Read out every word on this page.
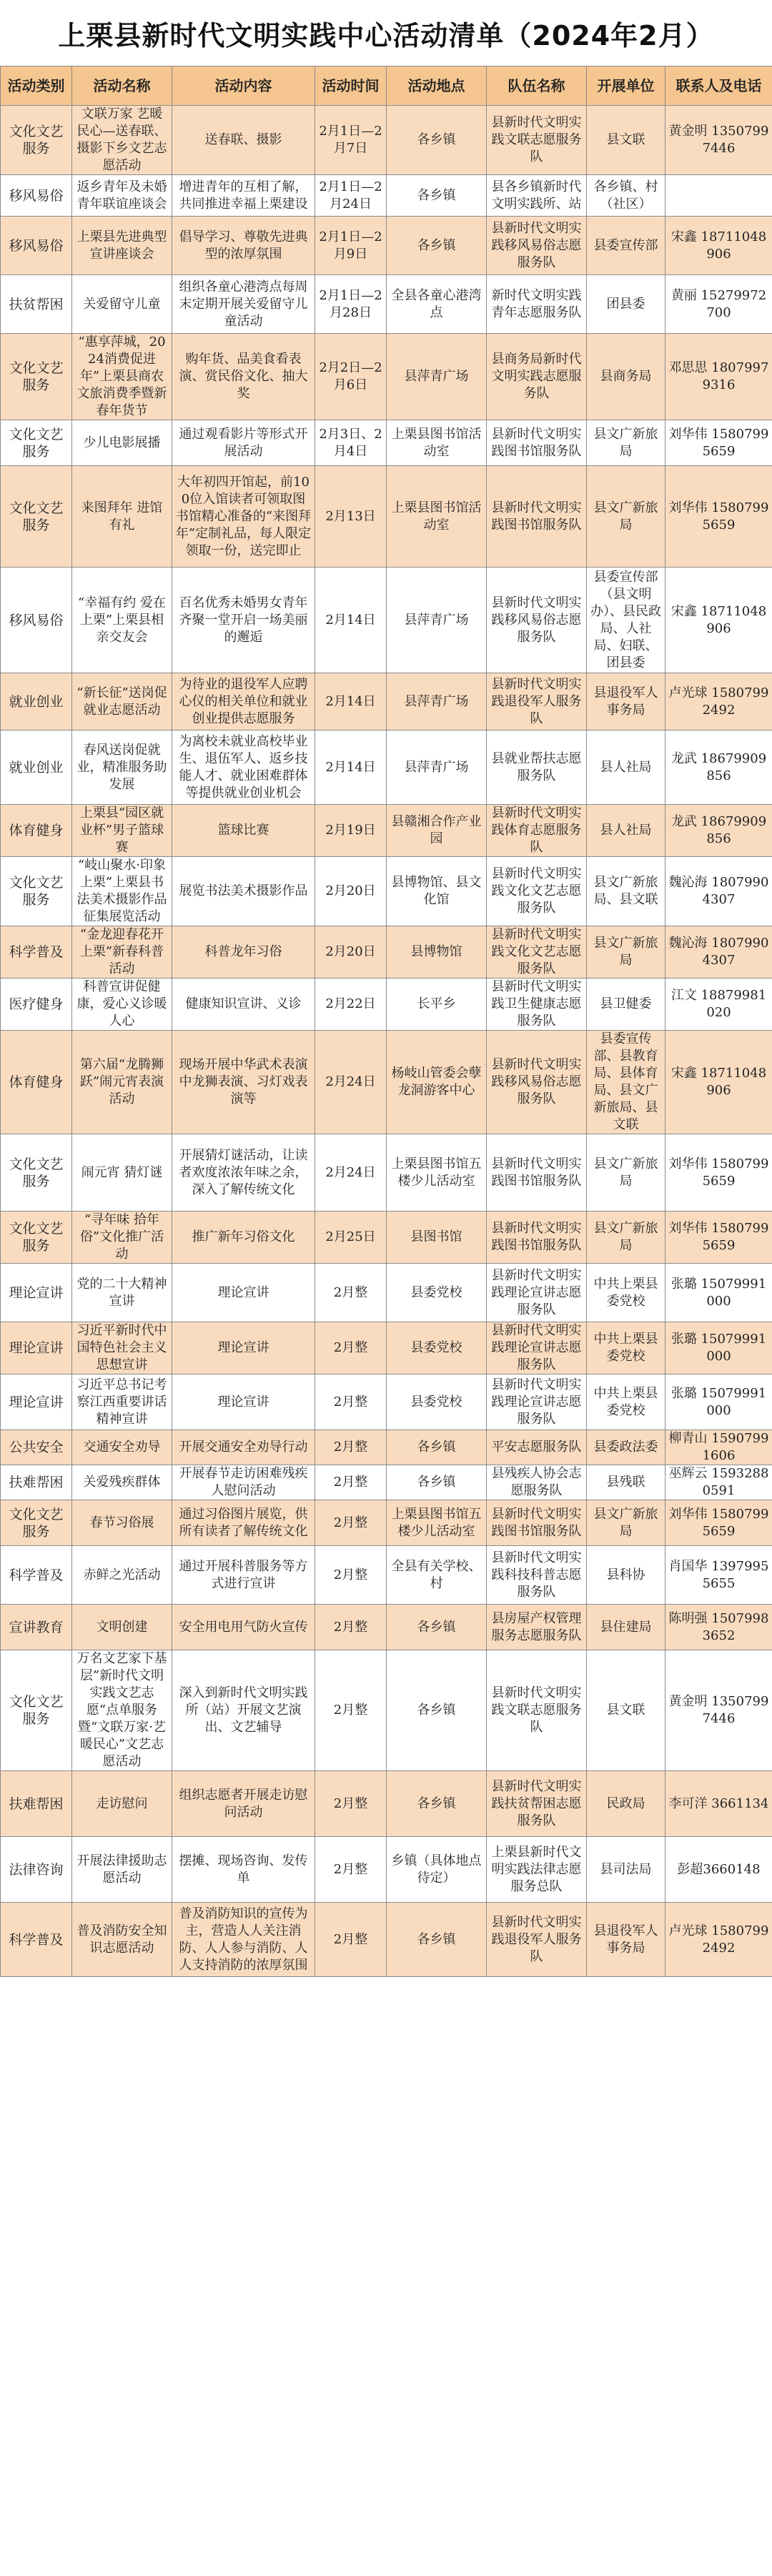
上栗县新时代文明实践中心活动清单（2024年2月）
活动类别	活动名称	活动内容	活动时间	活动地点	队伍名称	开展单位	联系人及电话
文化文艺服务	文联万家 艺暖民心—送春联、摄影下乡文艺志愿活动	送春联、摄影	2月1日—2月7日	各乡镇	县新时代文明实践文联志愿服务队	县文联	黄金明 13507997446
移风易俗	返乡青年及未婚青年联谊座谈会	增进青年的互相了解，共同推进幸福上栗建设	2月1日—2月24日	各乡镇	县各乡镇新时代文明实践所、站	各乡镇、村（社区）	
移风易俗	上栗县先进典型宣讲座谈会	倡导学习、尊敬先进典型的浓厚氛围	2月1日—2月9日	各乡镇	县新时代文明实践移风易俗志愿服务队	县委宣传部	宋鑫 18711048906
扶贫帮困	关爱留守儿童	组织各童心港湾点每周末定期开展关爱留守儿童活动	2月1日—2月28日	全县各童心港湾点	新时代文明实践青年志愿服务队	团县委	黄丽 15279972700
文化文艺服务	“惠享萍城，2024消费促进年”上栗县商农文旅消费季暨新春年货节	购年货、品美食看表演、赏民俗文化、抽大奖	2月2日—2月6日	县萍青广场	县商务局新时代文明实践志愿服务队	县商务局	邓思思 18079979316
文化文艺服务	少儿电影展播	通过观看影片等形式开展活动	2月3日、2月4日	上栗县图书馆活动室	县新时代文明实践图书馆服务队	县文广新旅局	刘华伟 15807995659
文化文艺服务	来图拜年 进馆有礼	大年初四开馆起，前100位入馆读者可领取图书馆精心准备的“来图拜年”定制礼品，每人限定领取一份，送完即止	2月13日	上栗县图书馆活动室	县新时代文明实践图书馆服务队	县文广新旅局	刘华伟 15807995659
移风易俗	“幸福有约 爱在上栗”上栗县相亲交友会	百名优秀未婚男女青年齐聚一堂开启一场美丽的邂逅	2月14日	县萍青广场	县新时代文明实践移风易俗志愿服务队	县委宣传部（县文明办）、县民政局、人社局、妇联、团县委	宋鑫 18711048906
就业创业	“新长征”送岗促就业志愿活动	为待业的退役军人应聘心仪的相关单位和就业创业提供志愿服务	2月14日	县萍青广场	县新时代文明实践退役军人服务队	县退役军人事务局	卢光球 15807992492
就业创业	春风送岗促就业，精准服务助发展	为离校未就业高校毕业生、退伍军人、返乡技能人才、就业困难群体等提供就业创业机会	2月14日	县萍青广场	县就业帮扶志愿服务队	县人社局	龙武 18679909856
体育健身	上栗县“园区就业杯”男子篮球赛	篮球比赛	2月19日	县赣湘合作产业园	县新时代文明实践体育志愿服务队	县人社局	龙武 18679909856
文化文艺服务	“岐山聚水·印象上栗”上栗县书法美术摄影作品征集展览活动	展览书法美术摄影作品	2月20日	县博物馆、县文化馆	县新时代文明实践文化文艺志愿服务队	县文广新旅局、县文联	魏沁海 18079904307
科学普及	“金龙迎春花开上栗”新春科普活动	科普龙年习俗	2月20日	县博物馆	县新时代文明实践文化文艺志愿服务队	县文广新旅局	魏沁海 18079904307
医疗健身	科普宣讲促健康，爱心义诊暖人心	健康知识宣讲、义诊	2月22日	长平乡	县新时代文明实践卫生健康志愿服务队	县卫健委	江文 18879981020
体育健身	第六届“龙腾狮跃”闹元宵表演活动	现场开展中华武术表演中龙狮表演、习灯戏表演等	2月24日	杨岐山管委会孽龙洞游客中心	县新时代文明实践移风易俗志愿服务队	县委宣传部、县教育局、县体育局、县文广新旅局、县文联	宋鑫 18711048906
文化文艺服务	闹元宵 猜灯谜	开展猜灯谜活动，让读者欢度浓浓年味之余，深入了解传统文化	2月24日	上栗县图书馆五楼少儿活动室	县新时代文明实践图书馆服务队	县文广新旅局	刘华伟 15807995659
文化文艺服务	“寻年味 拾年俗”文化推广活动	推广新年习俗文化	2月25日	县图书馆	县新时代文明实践图书馆服务队	县文广新旅局	刘华伟 15807995659
理论宣讲	党的二十大精神宣讲	理论宣讲	2月整	县委党校	县新时代文明实践理论宣讲志愿服务队	中共上栗县委党校	张璐 15079991000
理论宣讲	习近平新时代中国特色社会主义思想宣讲	理论宣讲	2月整	县委党校	县新时代文明实践理论宣讲志愿服务队	中共上栗县委党校	张璐 15079991000
理论宣讲	习近平总书记考察江西重要讲话精神宣讲	理论宣讲	2月整	县委党校	县新时代文明实践理论宣讲志愿服务队	中共上栗县委党校	张璐 15079991000
公共安全	交通安全劝导	开展交通安全劝导行动	2月整	各乡镇	平安志愿服务队	县委政法委	柳青山 15907991606
扶难帮困	关爱残疾群体	开展春节走访困难残疾人慰问活动	2月整	各乡镇	县残疾人协会志愿服务队	县残联	巫辉云 15932880591
文化文艺服务	春节习俗展	通过习俗图片展览，供所有读者了解传统文化	2月整	上栗县图书馆五楼少儿活动室	县新时代文明实践图书馆服务队	县文广新旅局	刘华伟 15807995659
科学普及	赤鲜之光活动	通过开展科普服务等方式进行宣讲	2月整	全县有关学校、村	县新时代文明实践科技科普志愿服务队	县科协	肖国华 13979955655
宣讲教育	文明创建	安全用电用气防火宣传	2月整	各乡镇	县房屋产权管理服务志愿服务队	县住建局	陈明强 15079983652
文化文艺服务	万名文艺家下基层”新时代文明实践文艺志愿“点单服务暨“文联万家·艺暖民心”文艺志愿活动	深入到新时代文明实践所（站）开展文艺演出、文艺辅导	2月整	各乡镇	县新时代文明实践文联志愿服务队	县文联	黄金明 13507997446
扶难帮困	走访慰问	组织志愿者开展走访慰问活动	2月整	各乡镇	县新时代文明实践扶贫帮困志愿服务队	民政局	李可洋 3661134
法律咨询	开展法律援助志愿活动	摆摊、现场咨询、发传单	2月整	乡镇（具体地点待定）	上栗县新时代文明实践法律志愿服务总队	县司法局	彭超3660148
科学普及	普及消防安全知识志愿活动	普及消防知识的宣传为主，营造人人关注消防、人人参与消防、人人支持消防的浓厚氛围	2月整	各乡镇	县新时代文明实践退役军人服务队	县退役军人事务局	卢光球 15807992492
